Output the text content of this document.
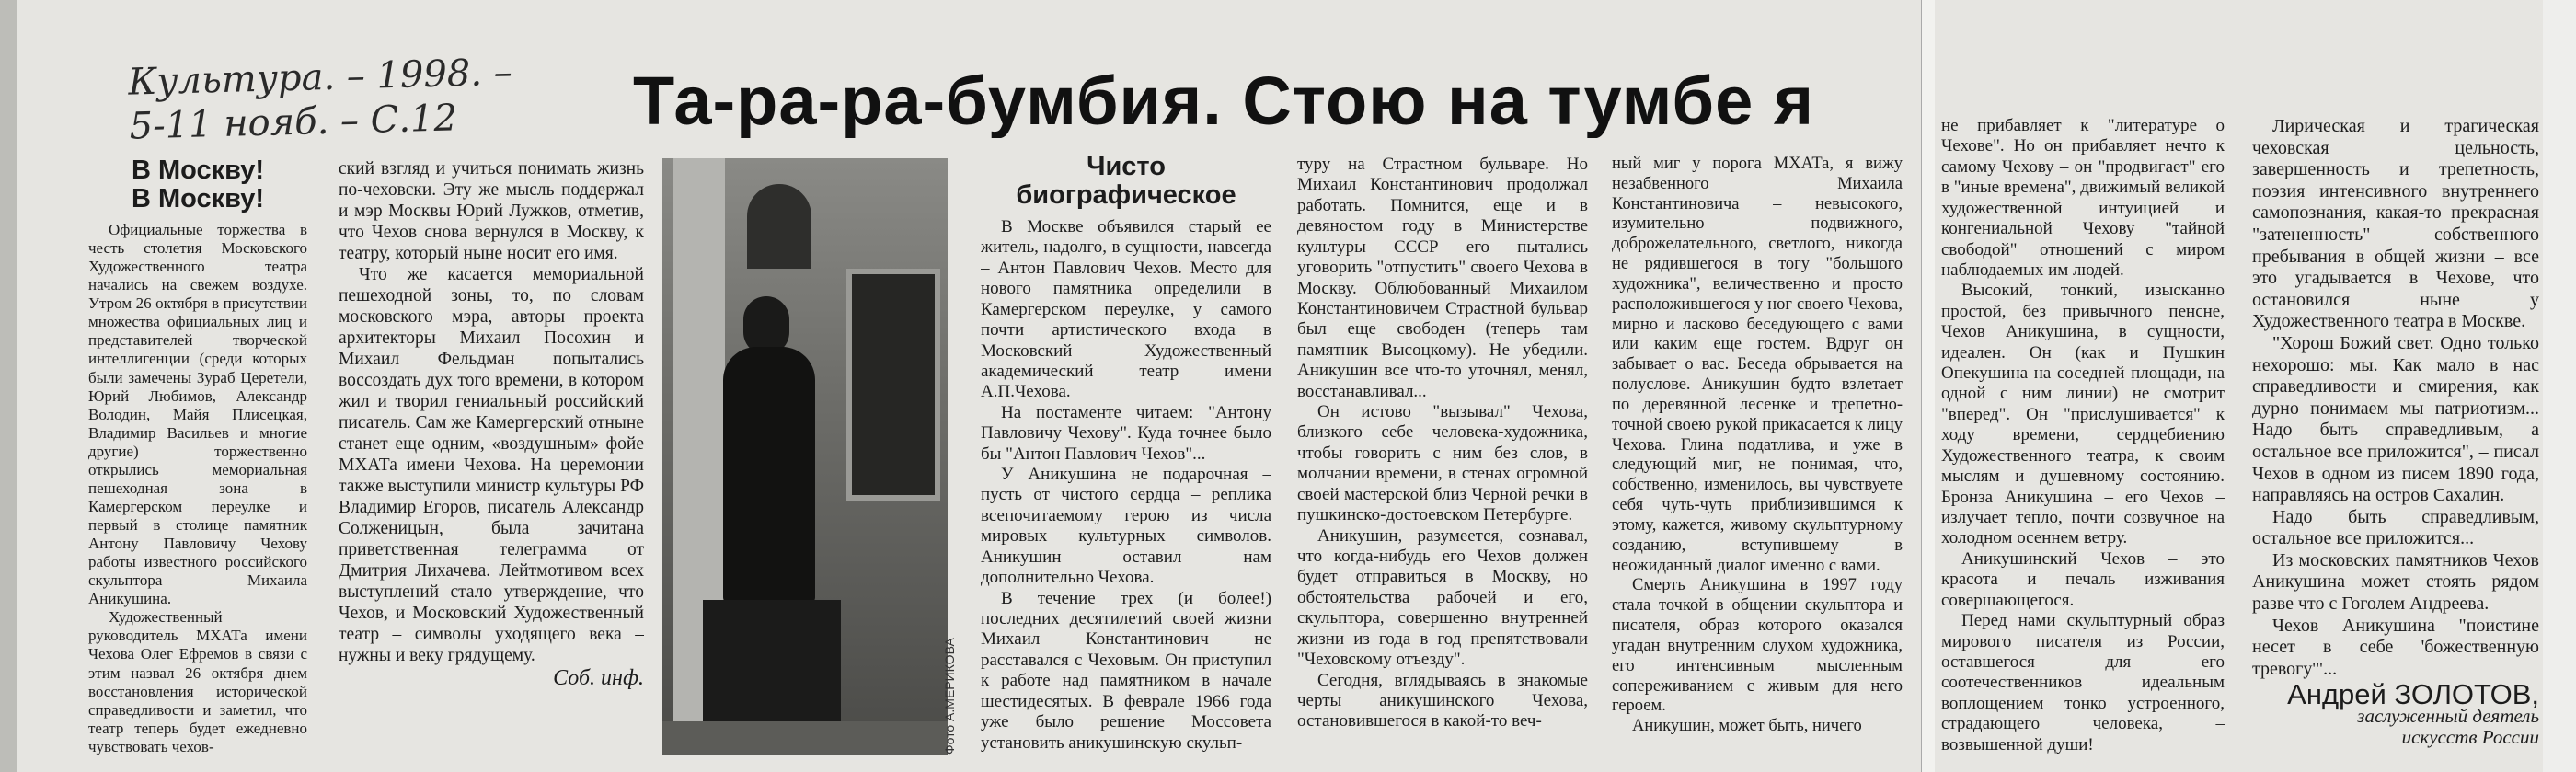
Культура. – 1998. –
5-11 нояб. – С.12	Та-ра-ра-бумбия. Стою на тумбе я
В Москву!
В Москву!

Официальные торжества в честь столетия Московского Художественного театра начались на свежем воздухе. Утром 26 октября в присутствии множества официальных лиц и представителей творческой интеллигенции (среди которых были замечены Зураб Церетели, Юрий Любимов, Александр Володин, Майя Плисецкая, Владимир Васильев и многие другие) торжественно открылись мемориальная пешеходная зона в Камергерском переулке и первый в столице памятник Антону Павловичу Чехову работы известного российского скульптора Михаила Аникушина.

Художественный руководитель МХАТа имени Чехова Олег Ефремов в связи с этим назвал 26 октября днем восстановления исторической справедливости и заметил, что театр теперь будет ежедневно чувствовать чехов-

ский взгляд и учиться понимать жизнь по-чеховски. Эту же мысль поддержал и мэр Москвы Юрий Лужков, отметив, что Чехов снова вернулся в Москву, к театру, который ныне носит его имя.

Что же касается мемориальной пешеходной зоны, то, по словам московского мэра, авторы проекта архитекторы Михаил Посохин и Михаил Фельдман попытались воссоздать дух того времени, в котором жил и творил гениальный российский писатель. Сам же Камергерский отныне станет еще одним, «воздушным» фойе МХАТа имени Чехова. На церемонии также выступили министр культуры РФ Владимир Егоров, писатель Александр Солженицын, была зачитана приветственная телеграмма от Дмитрия Лихачева. Лейтмотивом всех выступлений стало утверждение, что Чехов, и Московский Художественный театр – символы уходящего века – нужны и веку грядущему.

Соб. инф.	Фото А.МЕРИКОВА
Чисто
биографическое

В Москве объявился старый ее житель, надолго, в сущности, навсегда – Антон Павлович Чехов. Место для нового памятника определили в Камергерском переулке, у самого почти артистического входа в Московский Художественный академический театр имени А.П.Чехова.

На постаменте читаем: "Антону Павловичу Чехову". Куда точнее было бы "Антон Павлович Чехов"...

У Аникушина не подарочная – пусть от чистого сердца – реплика всепочитаемому герою из числа мировых культурных символов. Аникушин оставил нам дополнительно Чехова.

В течение трех (и более!) последних десятилетий своей жизни Михаил Константинович не расставался с Чеховым. Он приступил к работе над памятником в начале шестидесятых. В феврале 1966 года уже было решение Моссовета установить аникушинскую скульп-

туру на Страстном бульваре. Но Михаил Константинович продолжал работать. Помнится, еще и в девяностом году в Министерстве культуры СССР его пытались уговорить "отпустить" своего Чехова в Москву. Облюбованный Михаилом Константиновичем Страстной бульвар был еще свободен (теперь там памятник Высоцкому). Не убедили. Аникушин все что-то уточнял, менял, восстанавливал...

Он истово "вызывал" Чехова, близкого себе человека-художника, чтобы говорить с ним без слов, в молчании времени, в стенах огромной своей мастерской близ Черной речки в пушкинско-достоевском Петербурге.

Аникушин, разумеется, сознавал, что когда-нибудь его Чехов должен будет отправиться в Москву, но обстоятельства рабочей и его, скульптора, совершенно внутренней жизни из года в год препятствовали "Чеховскому отъезду".

Сегодня, вглядываясь в знакомые черты аникушинского Чехова, остановившегося в какой-то веч-

ный миг у порога МХАТа, я вижу незабвенного Михаила Константиновича – невысокого, изумительно подвижного, доброжелательного, светлого, никогда не рядившегося в тогу "большого художника", величественно и просто расположившегося у ног своего Чехова, мирно и ласково беседующего с вами или каким еще гостем. Вдруг он забывает о вас. Беседа обрывается на полуслове. Аникушин будто взлетает по деревянной лесенке и трепетно-точной своею рукой прикасается к лицу Чехова. Глина податлива, и уже в следующий миг, не понимая, что, собственно, изменилось, вы чувствуете себя чуть-чуть приблизившимся к этому, кажется, живому скульптурному созданию, вступившему в неожиданный диалог именно с вами.

Смерть Аникушина в 1997 году стала точкой в общении скульптора и писателя, образ которого оказался угадан внутренним слухом художника, его интенсивным мысленным сопереживанием с живым для него героем.

Аникушин, может быть, ничего

не прибавляет к "литературе о Чехове". Но он прибавляет нечто к самому Чехову – он "продвигает" его в "иные времена", движимый великой художественной интуицией и конгениальной Чехову "тайной свободой" отношений с миром наблюдаемых им людей.

Высокий, тонкий, изысканно простой, без привычного пенсне, Чехов Аникушина, в сущности, идеален. Он (как и Пушкин Опекушина на соседней площади, на одной с ним линии) не смотрит "вперед". Он "прислушивается" к ходу времени, сердцебиению Художественного театра, к своим мыслям и душевному состоянию. Бронза Аникушина – его Чехов – излучает тепло, почти созвучное на холодном осеннем ветру.

Аникушинский Чехов – это красота и печаль изживания совершающегося.

Перед нами скульптурный образ мирового писателя из России, оставшегося для его соотечественников идеальным воплощением тонко устроенного, страдающего человека, – возвышенной души!

Лирическая и трагическая чеховская цельность, завершенность и трепетность, поэзия интенсивного внутреннего самопознания, какая-то прекрасная "затененность" собственного пребывания в общей жизни – все это угадывается в Чехове, что остановился ныне у Художественного театра в Москве.

"Хорош Божий свет. Одно только нехорошо: мы. Как мало в нас справедливости и смирения, как дурно понимаем мы патриотизм... Надо быть справедливым, а остальное все приложится", – писал Чехов в одном из писем 1890 года, направляясь на остров Сахалин.

Надо быть справедливым, остальное все приложится...

Из московских памятников Чехов Аникушина может стоять рядом разве что с Гоголем Андреева.

Чехов Аникушина "поистине несет в себе 'божественную тревогу'"...

Андрей ЗОЛОТОВ,
заслуженный деятель
искусств России
